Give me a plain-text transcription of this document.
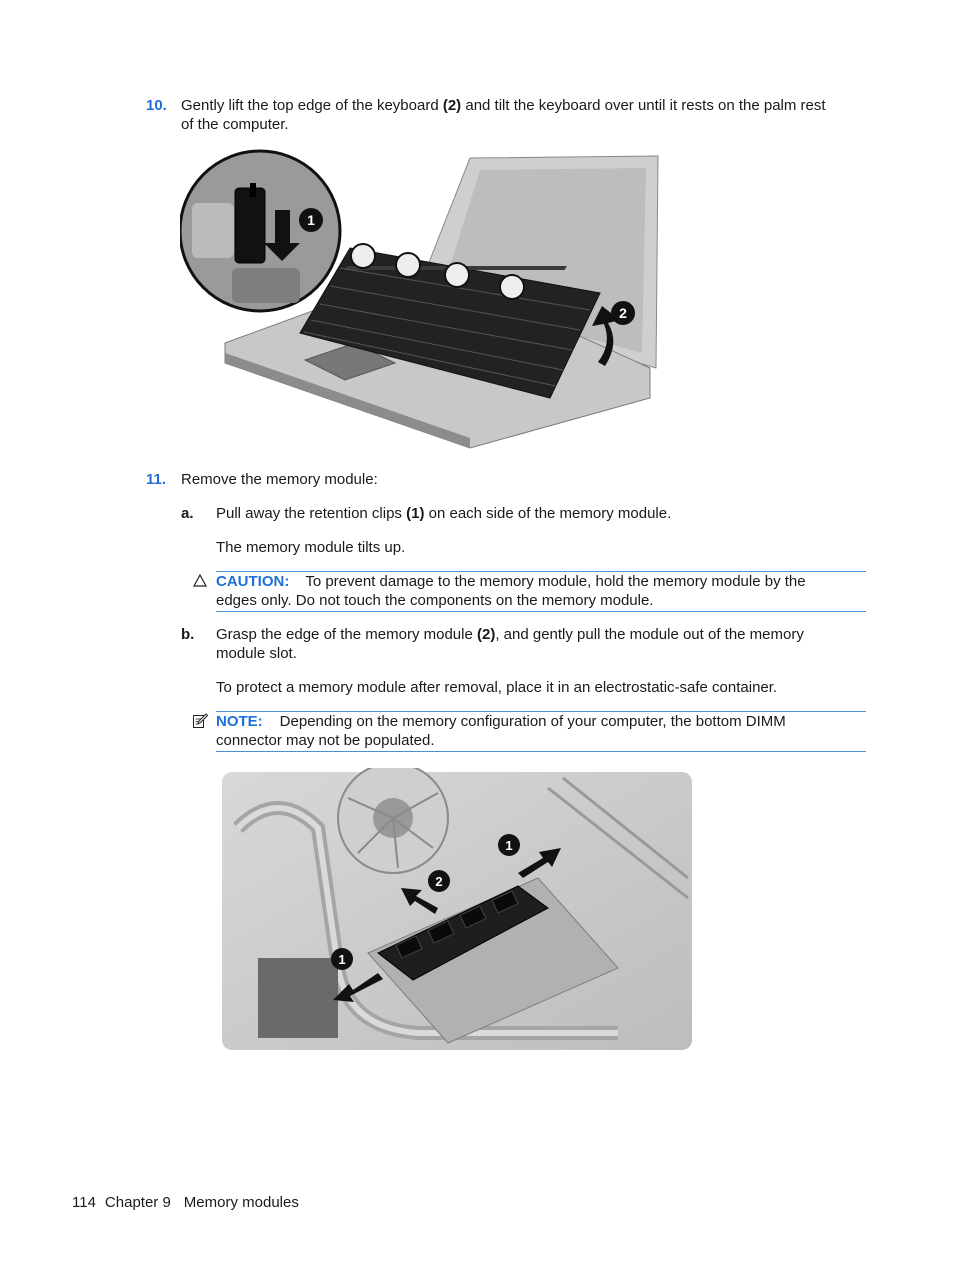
10. Gently lift the top edge of the keyboard (2) and tilt the keyboard over until it rests on the palm rest
of the computer.
2
1
11. Remove the memory module:
a. Pull away the retention clips (1) on each side of the memory module.
The memory module tilts up.
CAUTION: To prevent damage to the memory module, hold the memory module by the
edges only. Do not touch the components on the memory module.
b. Grasp the edge of the memory module (2), and gently pull the module out of the memory
module slot.
To protect a memory module after removal, place it in an electrostatic-safe container.
NOTE: Depending on the memory configuration of your computer, the bottom DIMM
connector may not be populated.
1
2
1
114 Chapter 9 Memory modules
